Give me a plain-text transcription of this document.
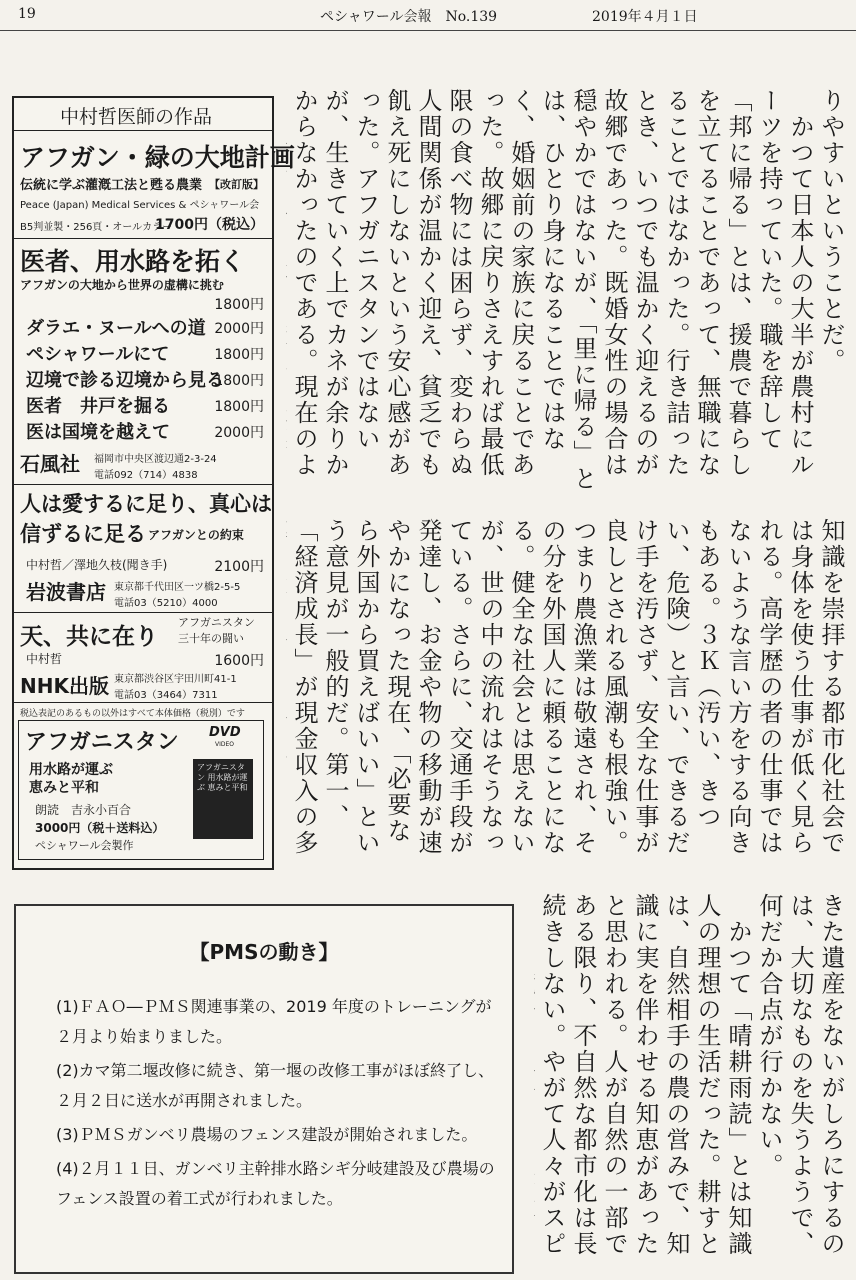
19	ペシャワール会報　No.139	2019年４月１日

りやすいということだ。

　かつて日本人の大半が農村にルーツを持っていた。職を辞して「邦に帰る」とは、援農で暮らしを立てることであって、無職になることではなかった。行き詰ったとき、いつでも温かく迎えるのが故郷であった。既婚女性の場合は穏やかではないが、「里に帰る」とは、ひとり身になることではなく、婚姻前の家族に戻ることであった。故郷に戻りさえすれば最低限の食べ物には困らず、変わらぬ人間関係が温かく迎え、貧乏でも飢え死にしないという安心感があった。アフガニスタンではないが、生きていく上でカネが余りかからなかったのである。現在のよ

知識を崇拝する都市化社会では身体を使う仕事が低く見られる。高学歴の者の仕事ではないような言い方をする向きもある。３Ｋ（汚い、きつい、危険）と言い、できるだけ手を汚さず、安全な仕事が良しとされる風潮も根強い。つまり農漁業は敬遠され、その分を外国人に頼ることになる。健全な社会とは思えないが、世の中の流れはそうなっている。さらに、交通手段が発達し、お金や物の移動が速やかになった現在、「必要なら外国から買えばいい」という意見が一般的だ。第一、「経済成長」が現金収入の多

きた遺産をないがしろにするのは、大切なものを失うようで、何だか合点が行かない。

　かつて「晴耕雨読」とは知識人の理想の生活だった。耕すとは、自然相手の農の営みで、知識に実を伴わせる知恵があったと思われる。人が自然の一部である限り、不自然な都市化は長続きしない。やがて人々がスピ

中村哲医師の作品
アフガン・緑の大地計画
伝統に学ぶ灌漑工法と甦る農業 【改訂版】
Peace (Japan) Medical Services & ペシャワール会
B5判並製・256頁・オールカラー
1700円（税込）
医者、用水路を拓く
アフガンの大地から世界の虚構に挑む
1800円
ダラエ・ヌールへの道 2000円
ペシャワールにて	1800円
辺境で診る辺境から見る
1800円
医者　井戸を掘る	1800円
医は国境を越えて	2000円
石風社 福岡市中央区渡辺通2-3-24
電話092（714）4838
人は愛するに足り、真心は
信ずるに足る アフガンとの約束
中村哲／澤地久枝(聞き手)	2100円
岩波書店 東京都千代田区一ツ橋2-5-5
電話03（5210）4000
天、共に在り
アフガニスタン
三十年の闘い
中村哲	1600円
NHK出版 東京都渋谷区宇田川町41-1
電話03（3464）7311
税込表記のあるもの以外はすべて本体価格（税別）です
アフガニスタン DVD
VIDEO
用水路が運ぶ
恵みと平和
朗読　吉永小百合
3000円（税＋送料込）
ペシャワール会製作
アフガニスタン 用水路が運ぶ 恵みと平和
【PMSの動き】
(1)ＦＡＯ―ＰＭＳ関連事業の、2019 年度のトレーニングが２月より始まりました。
(2)カマ第二堰改修に続き、第一堰の改修工事がほぼ終了し、２月２日に送水が再開されました。
(3)ＰＭＳガンベリ農場のフェンス建設が開始されました。
(4)２月１１日、ガンベリ主幹排水路シギ分岐建設及び農場のフェンス設置の着工式が行われました。
